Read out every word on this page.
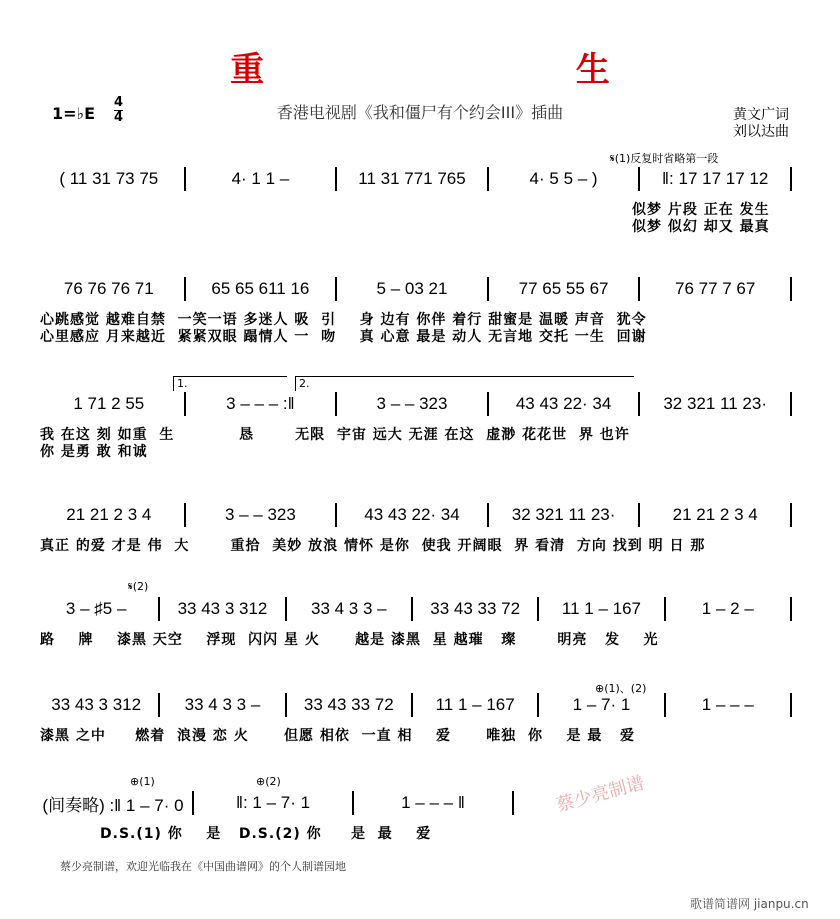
重 生
1=♭E
4
4	香港电视剧《我和僵尸有个约会III》插曲	黄文广词
刘以达曲
𝄋(1)反复时省略第一段
1.	2.
𝄋(2)
⊕(1)、(2)
⊕(1)	⊕(2)
( 11 31 73 75	4· 1 1 –	11 31 771 765	4· 5 5 – )	‖: 17 17 17 12
似梦 片段 正在 发生
似梦 似幻 却又 最真
76 76 76 71	65 65 611 16	5 – 03 21	77 65 55 67	76 77 7 67
心跳感觉 越难自禁  一笑一语 多迷人 吸  引    身 边有 你伴 着行 甜蜜是 温暖 声音  犹令
心里感应 月来越近  紧紧双眼 蹋情人 一  吻    真 心意 最是 动人 无言地 交托 一生  回谢
1 71 2 55	3 – – – :‖	3 – – 323	43 43 22· 34	32 321 11 23·
我 在这 刻 如重  生           恳       无限  宇宙 远大 无涯 在这  虚渺 花花世  界 也许
你 是勇 敢 和诚
21 21 2 3 4	3 – – 323	43 43 22· 34	32 321 11 23·	21 21 2 3 4
真正 的爱 才是 伟  大       重拾  美妙 放浪 情怀 是你  使我 开阔眼  界 看清  方向 找到 明 日 那
3 – ♯5 –	33 43 3 312	33 4 3 3 –	33 43 33 72	11 1 – 167	1 – 2 –
路    牌    漆黑 天空    浮现  闪闪 星 火      越是 漆黑  星 越璀   璨       明亮   发    光
33 43 3 312	33 4 3 3 –	33 43 33 72	11 1 – 167	1 – 7· 1	1 – – –
漆黑 之中     燃着  浪漫 恋 火      但愿 相依  一直 相    爱      唯独  你    是 最   爱
(间奏略) :‖ 1 – 7· 0	‖: 1 – 7· 1	1 – – – ‖
D.S.(1) 你    是   D.S.(2) 你     是  最    爱
蔡少亮制谱，欢迎光临我在《中国曲谱网》的个人制谱园地
蔡少亮制谱
歌谱简谱网 jianpu.cn
